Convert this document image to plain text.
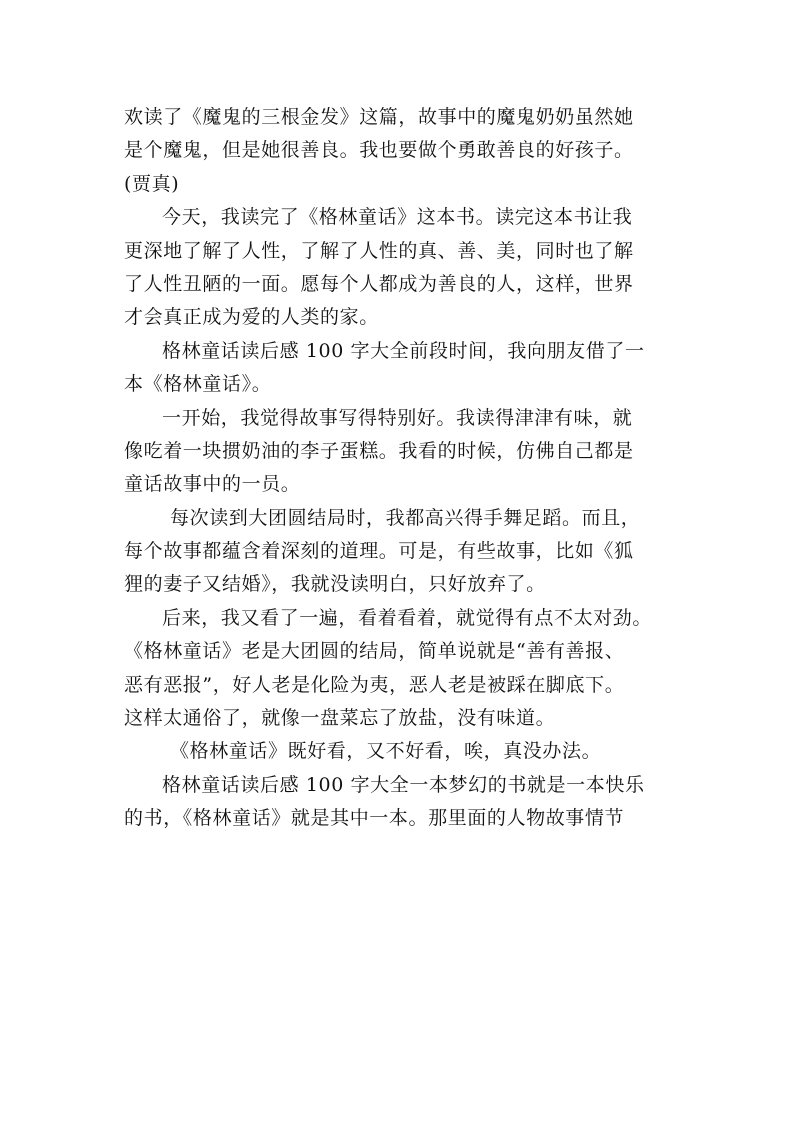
欢读了《魔鬼的三根金发》这篇，故事中的魔鬼奶奶虽然她
是个魔鬼，但是她很善良。我也要做个勇敢善良的好孩子。
(贾真)
今天，我读完了《格林童话》这本书。读完这本书让我
更深地了解了人性，了解了人性的真、善、美，同时也了解
了人性丑陋的一面。愿每个人都成为善良的人，这样，世界
才会真正成为爱的人类的家。
格林童话读后感 100 字大全前段时间，我向朋友借了一
本《格林童话》。
一开始，我觉得故事写得特别好。我读得津津有味，就
像吃着一块掼奶油的李子蛋糕。我看的时候，仿佛自己都是
童话故事中的一员。
每次读到大团圆结局时，我都高兴得手舞足蹈。而且，
每个故事都蕴含着深刻的道理。可是，有些故事，比如《狐
狸的妻子又结婚》，我就没读明白，只好放弃了。
后来，我又看了一遍，看着看着，就觉得有点不太对劲。
《格林童话》老是大团圆的结局，简单说就是“善有善报、
恶有恶报”，好人老是化险为夷，恶人老是被踩在脚底下。
这样太通俗了，就像一盘菜忘了放盐，没有味道。
《格林童话》既好看，又不好看，唉，真没办法。
格林童话读后感 100 字大全一本梦幻的书就是一本快乐
的书，《格林童话》就是其中一本。那里面的人物故事情节
